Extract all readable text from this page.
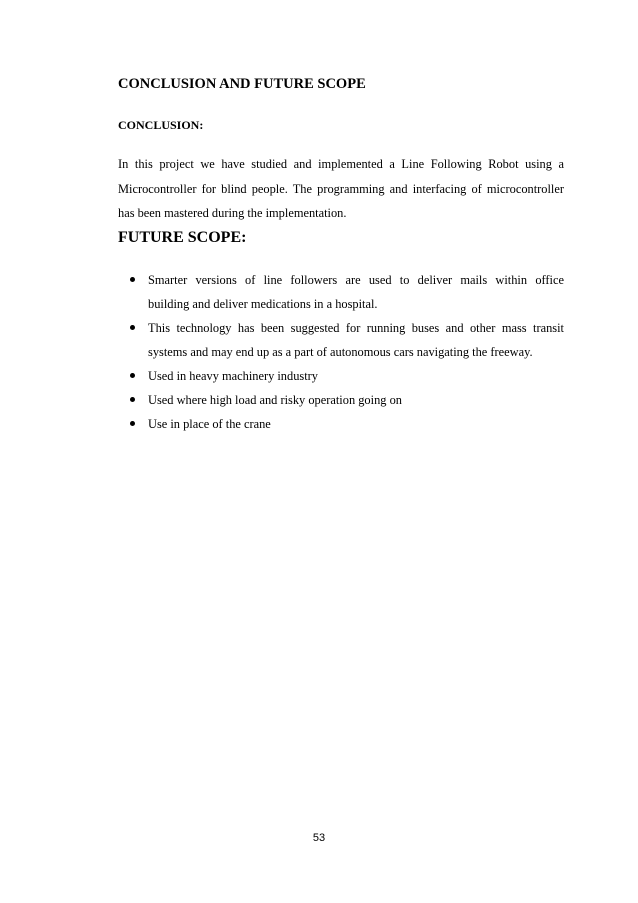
CONCLUSION AND FUTURE SCOPE
CONCLUSION:

In this project we have studied and implemented a Line Following Robot using a
Microcontroller for blind people. The programming and interfacing of microcontroller
has been mastered during the implementation.

FUTURE SCOPE:
Smarter versions of line followers are used to deliver mails within office
building and deliver medications in a hospital.
This technology has been suggested for running buses and other mass transit
systems and may end up as a part of autonomous cars navigating the freeway.
Used in heavy machinery industry
Used where high load and risky operation going on
Use in place of the crane
53
